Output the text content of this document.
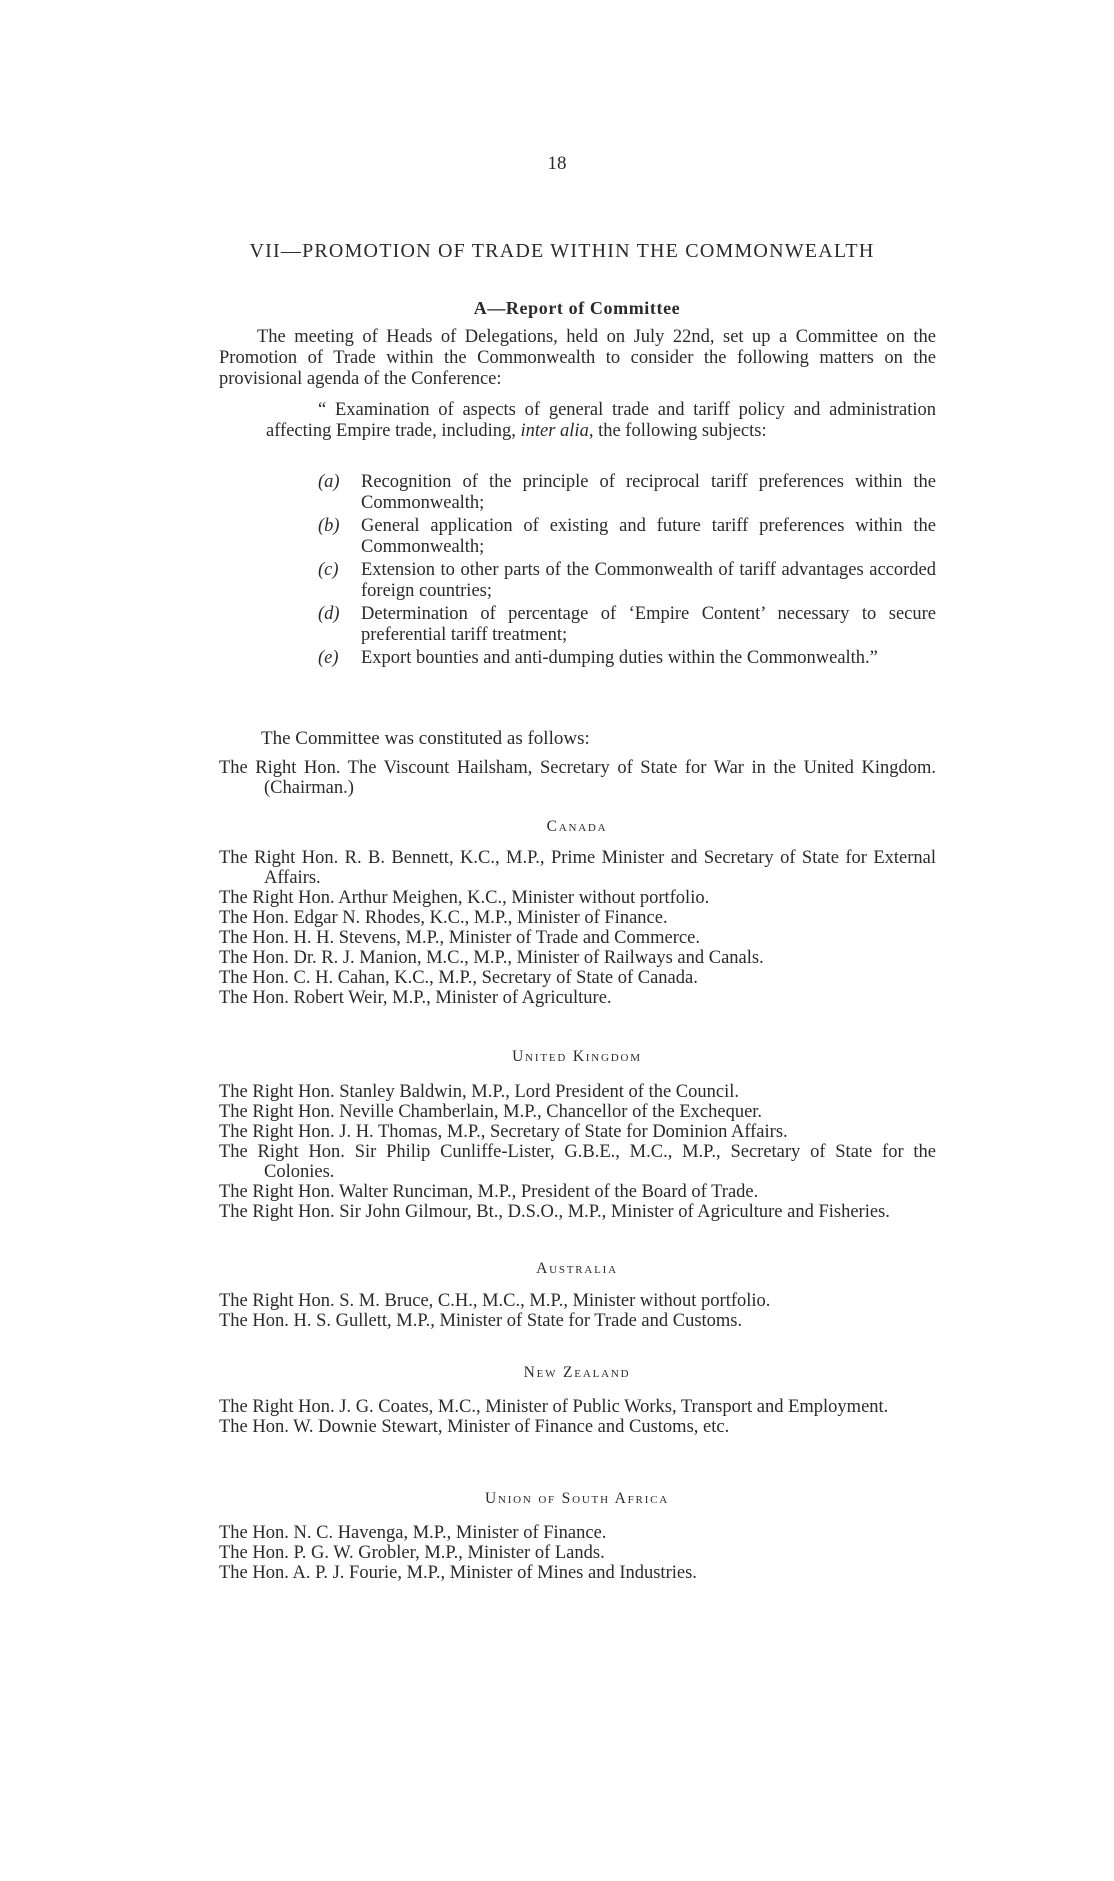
18
VII—PROMOTION OF TRADE WITHIN THE COMMONWEALTH
A—Report of Committee

The meeting of Heads of Delegations, held on July 22nd, set up a Committee on the Promotion of Trade within the Commonwealth to consider the following matters on the provisional agenda of the Conference:

“ Examination of aspects of general trade and tariff policy and administration affecting Empire trade, including, inter alia, the following subjects:

(a) Recognition of the principle of reciprocal tariff preferences within the Commonwealth;
(b) General application of existing and future tariff preferences within the Commonwealth;
(c) Extension to other parts of the Commonwealth of tariff advantages accorded foreign countries;
(d) Determination of percentage of ‘Empire Content’ necessary to secure preferential tariff treatment;
(e) Export bounties and anti-dumping duties within the Commonwealth.”
The Committee was constituted as follows:
The Right Hon. The Viscount Hailsham, Secretary of State for War in the United Kingdom. (Chairman.)
Canada
The Right Hon. R. B. Bennett, K.C., M.P., Prime Minister and Secretary of State for External Affairs.
The Right Hon. Arthur Meighen, K.C., Minister without portfolio.
The Hon. Edgar N. Rhodes, K.C., M.P., Minister of Finance.
The Hon. H. H. Stevens, M.P., Minister of Trade and Commerce.
The Hon. Dr. R. J. Manion, M.C., M.P., Minister of Railways and Canals.
The Hon. C. H. Cahan, K.C., M.P., Secretary of State of Canada.
The Hon. Robert Weir, M.P., Minister of Agriculture.
United Kingdom
The Right Hon. Stanley Baldwin, M.P., Lord President of the Council.
The Right Hon. Neville Chamberlain, M.P., Chancellor of the Exchequer.
The Right Hon. J. H. Thomas, M.P., Secretary of State for Dominion Affairs.
The Right Hon. Sir Philip Cunliffe-Lister, G.B.E., M.C., M.P., Secretary of State for the Colonies.
The Right Hon. Walter Runciman, M.P., President of the Board of Trade.
The Right Hon. Sir John Gilmour, Bt., D.S.O., M.P., Minister of Agriculture and Fisheries.
Australia
The Right Hon. S. M. Bruce, C.H., M.C., M.P., Minister without portfolio.
The Hon. H. S. Gullett, M.P., Minister of State for Trade and Customs.
New Zealand
The Right Hon. J. G. Coates, M.C., Minister of Public Works, Transport and Employment.
The Hon. W. Downie Stewart, Minister of Finance and Customs, etc.
Union of South Africa
The Hon. N. C. Havenga, M.P., Minister of Finance.
The Hon. P. G. W. Grobler, M.P., Minister of Lands.
The Hon. A. P. J. Fourie, M.P., Minister of Mines and Industries.
